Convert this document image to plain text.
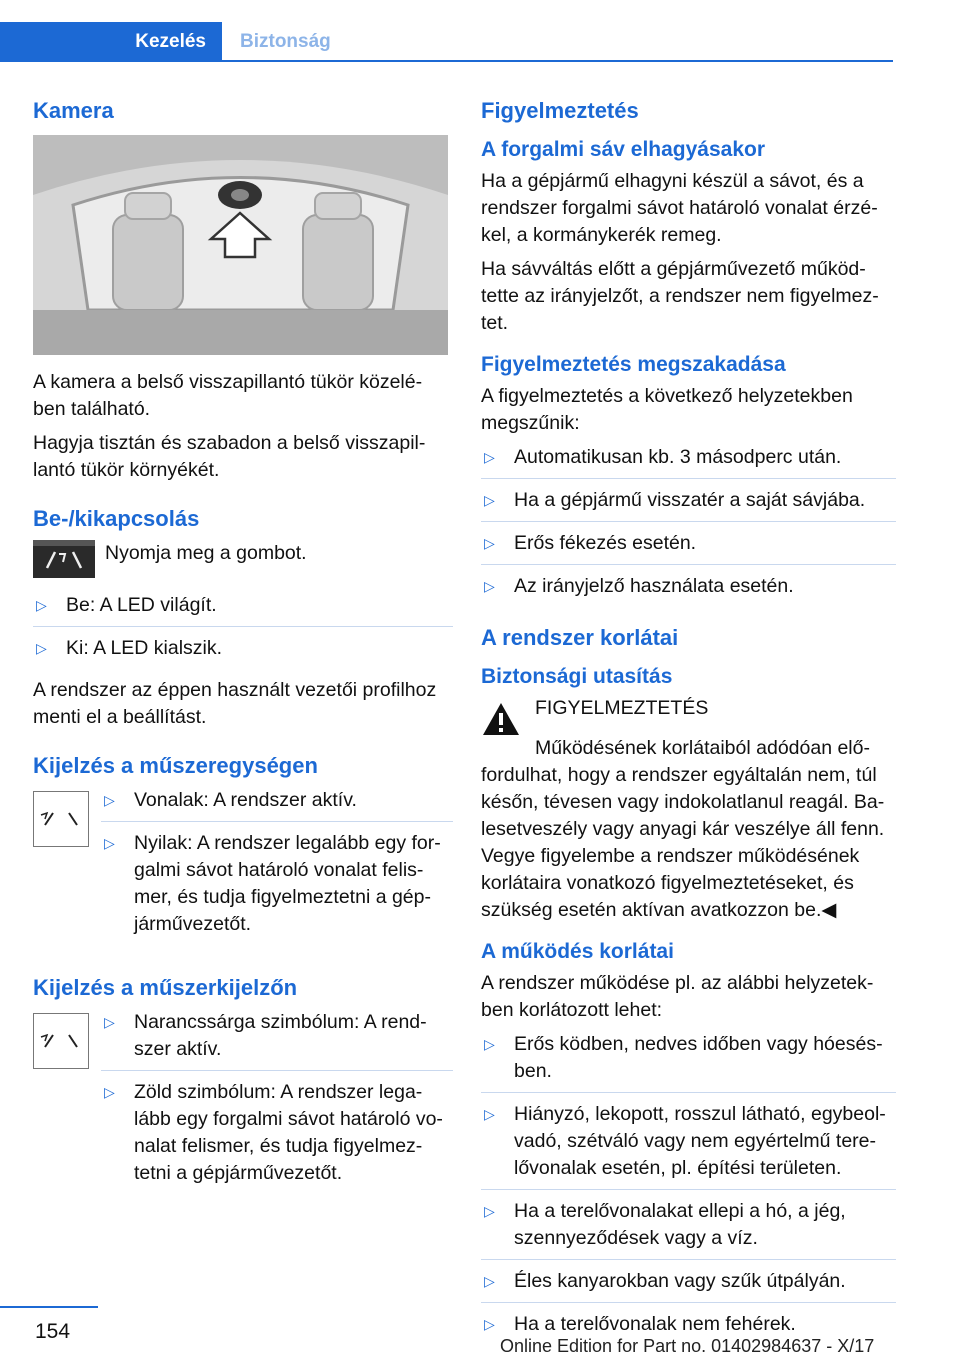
Kezelés	Biztonság
Kamera

A kamera a belső visszapillantó tükör közelé-ben található.

Hagyja tisztán és szabadon a belső visszapil-lantó tükör környékét.

Be-/kikapcsolás
Nyomja meg a gombot.
▷ Be: A LED világít.
▷ Ki: A LED kialszik.

A rendszer az éppen használt vezetői profilhoz menti el a beállítást.

Kijelzés a műszeregységen
▷ Vonalak: A rendszer aktív.
▷ Nyilak: A rendszer legalább egy for-galmi sávot határoló vonalat felis-mer, és tudja figyelmeztetni a gép-járművezetőt.
Kijelzés a műszerkijelzőn
▷ Narancssárga szimbólum: A rend-szer aktív.
▷ Zöld szimbólum: A rendszer lega-lább egy forgalmi sávot határoló vo-nalat felismer, és tudja figyelmez-tetni a gépjárművezetőt.
Figyelmeztetés
A forgalmi sáv elhagyásakor

Ha a gépjármű elhagyni készül a sávot, és a rendszer forgalmi sávot határoló vonalat érzé-kel, a kormánykerék remeg.

Ha sávváltás előtt a gépjárművezető működ-tette az irányjelzőt, a rendszer nem figyelmez-tet.

Figyelmeztetés megszakadása

A figyelmeztetés a következő helyzetekben megszűnik:

▷ Automatikusan kb. 3 másodperc után.
▷ Ha a gépjármű visszatér a saját sávjába.
▷ Erős fékezés esetén.
▷ Az irányjelző használata esetén.
A rendszer korlátai
Biztonsági utasítás
FIGYELMEZTETÉS

Működésének korlátaiból adódóan elő-fordulhat, hogy a rendszer egyáltalán nem, túl későn, tévesen vagy indokolatlanul reagál. Ba-lesetveszély vagy anyagi kár veszélye áll fenn. Vegye figyelembe a rendszer működésének korlátaira vonatkozó figyelmeztetéseket, és szükség esetén aktívan avatkozzon be.◀

A működés korlátai

A rendszer működése pl. az alábbi helyzetek-ben korlátozott lehet:

▷ Erős ködben, nedves időben vagy hóesés-ben.
▷ Hiányzó, lekopott, rosszul látható, egybeol-vadó, szétváló vagy nem egyértelmű tere-lővonalak esetén, pl. építési területen.
▷ Ha a terelővonalakat ellepi a hó, a jég, szennyeződések vagy a víz.
▷ Éles kanyarokban vagy szűk útpályán.
▷ Ha a terelővonalak nem fehérek.
154
Online Edition for Part no. 01402984637 - X/17
